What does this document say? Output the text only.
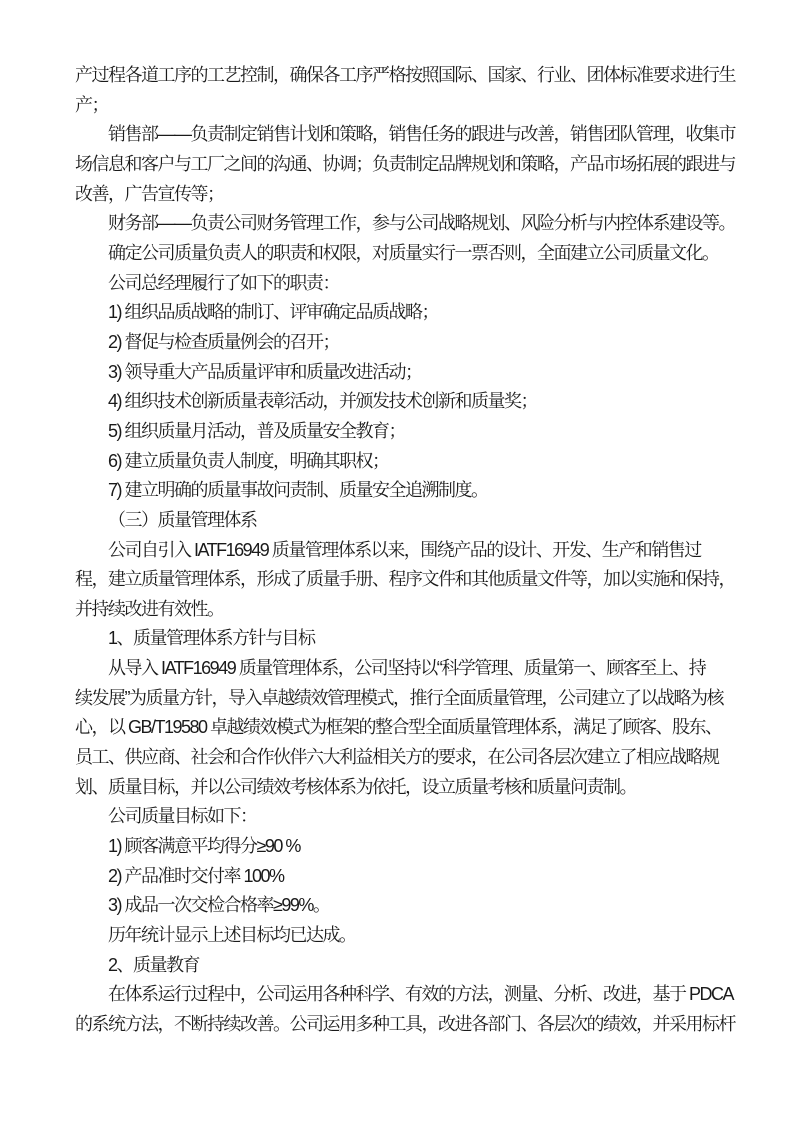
产过程各道工序的工艺控制，确保各工序严格按照国际、国家、行业、团体标准要求进行生
产；
销售部——负责制定销售计划和策略，销售任务的跟进与改善，销售团队管理，收集市
场信息和客户与工厂之间的沟通、协调；负责制定品牌规划和策略，产品市场拓展的跟进与
改善，广告宣传等；
财务部——负责公司财务管理工作，参与公司战略规划、风险分析与内控体系建设等。
确定公司质量负责人的职责和权限，对质量实行一票否则，全面建立公司质量文化。
公司总经理履行了如下的职责：
1) 组织品质战略的制订、评审确定品质战略；
2) 督促与检查质量例会的召开；
3) 领导重大产品质量评审和质量改进活动；
4) 组织技术创新质量表彰活动，并颁发技术创新和质量奖；
5) 组织质量月活动，普及质量安全教育；
6) 建立质量负责人制度，明确其职权；
7) 建立明确的质量事故问责制、质量安全追溯制度。
（三）质量管理体系
公司自引入 IATF16949 质量管理体系以来，围绕产品的设计、开发、生产和销售过
程，建立质量管理体系，形成了质量手册、程序文件和其他质量文件等，加以实施和保持，
并持续改进有效性。
1、质量管理体系方针与目标
从导入 IATF16949 质量管理体系，公司坚持以“科学管理、质量第一、顾客至上、持
续发展”为质量方针，导入卓越绩效管理模式，推行全面质量管理，公司建立了以战略为核
心，以 GB/T19580 卓越绩效模式为框架的整合型全面质量管理体系，满足了顾客、股东、
员工、供应商、社会和合作伙伴六大利益相关方的要求，在公司各层次建立了相应战略规
划、质量目标，并以公司绩效考核体系为依托，设立质量考核和质量问责制。
公司质量目标如下：
1) 顾客满意平均得分≥90 %
2) 产品准时交付率 100%
3) 成品一次交检合格率≥99%。
历年统计显示上述目标均已达成。
2、质量教育
在体系运行过程中，公司运用各种科学、有效的方法，测量、分析、改进，基于 PDCA
的系统方法，不断持续改善。公司运用多种工具，改进各部门、各层次的绩效，并采用标杆
